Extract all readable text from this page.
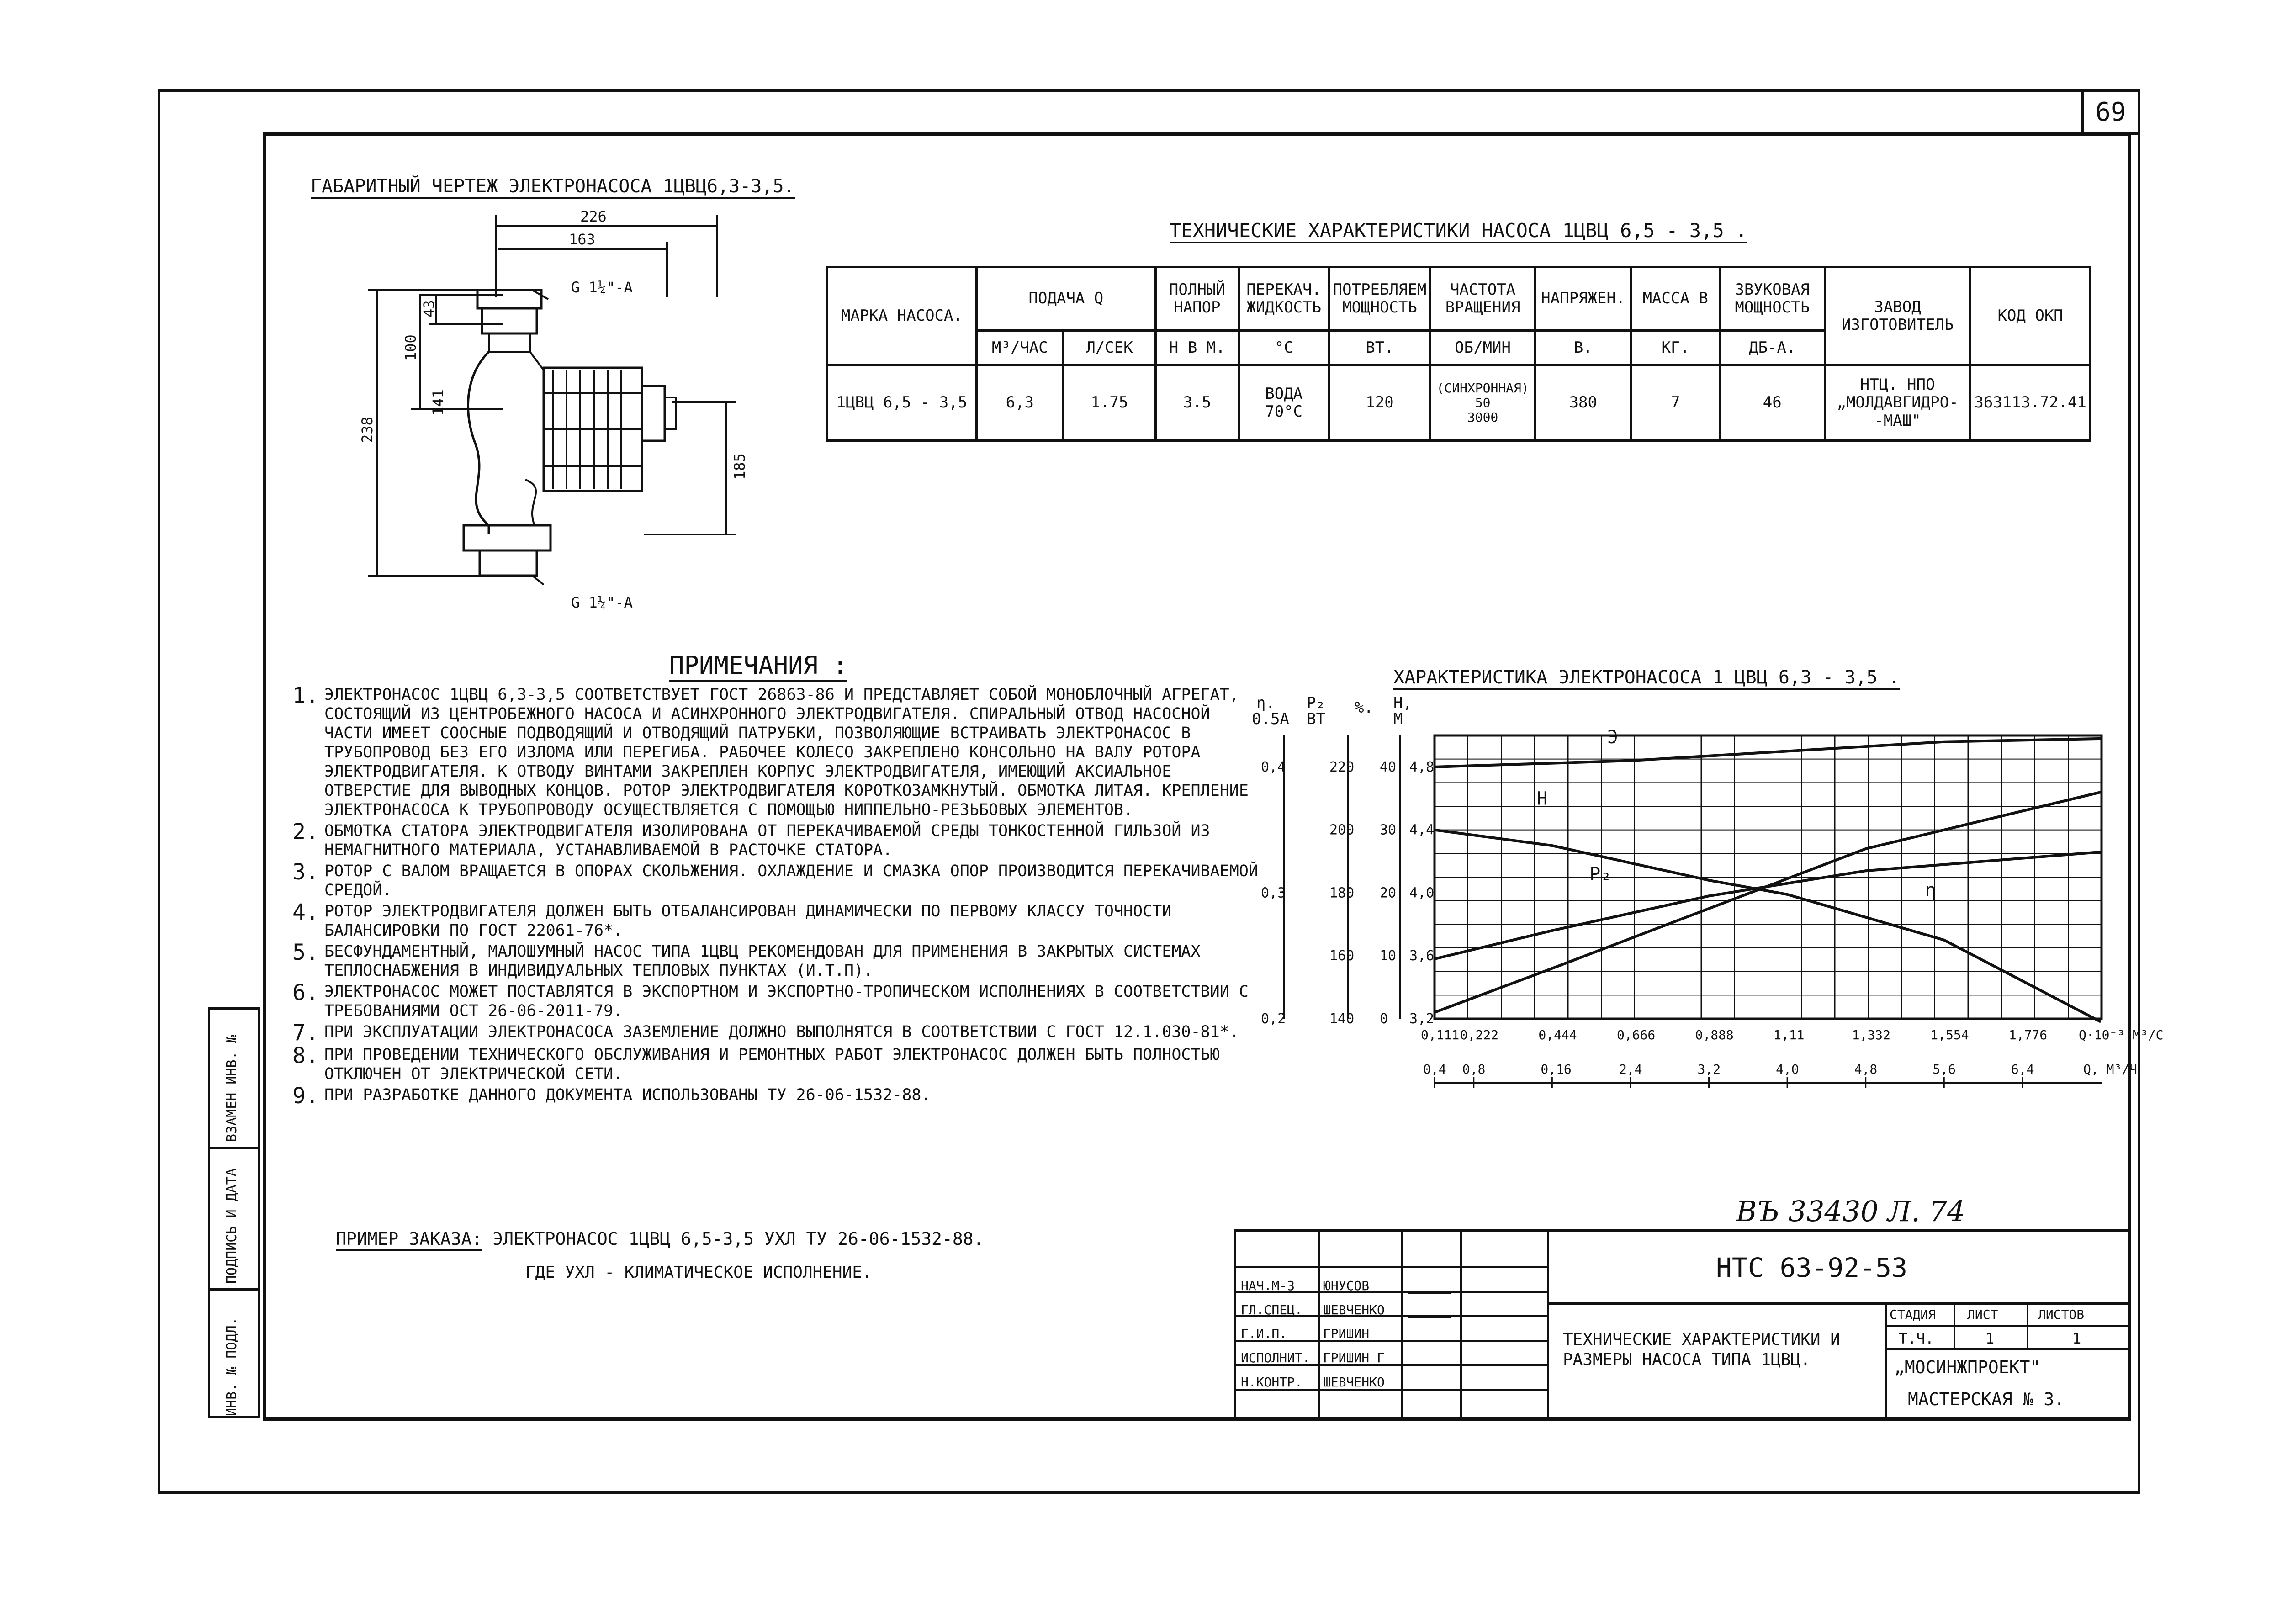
69
ВЗАМЕН ИНВ. №
ПОДПИСЬ И ДАТА
ИНВ. № ПОДЛ.
ГАБАРИТНЫЙ ЧЕРТЕЖ ЭЛЕКТРОНАСОСА 1ЦВЦ6,3-3,5.
226
163
238
100
43
141
185
G 1¼"-A
G 1¼"-A
ТЕХНИЧЕСКИЕ ХАРАКТЕРИСТИКИ НАСОСА 1ЦВЦ 6,5 - 3,5 .
МАРКА НАСОСА.	ПОДАЧА Q		ПОЛНЫЙ НАПОР	ПЕРЕКАЧ. ЖИДКОСТЬ	ПОТРЕБЛЯЕМ МОЩНОСТЬ	ЧАСТОТА ВРАЩЕНИЯ	НАПРЯЖЕН.	МАССА В	ЗВУКОВАЯ МОЩНОСТЬ	ЗАВОД ИЗГОТОВИТЕЛЬ	КОД ОКП
	М³/ЧАС	Л/СЕК	Н В М.	°С	ВТ.	ОБ/МИН	В.	КГ.	ДБ-А.		
1ЦВЦ 6,5 - 3,5	6,3	1.75	3.5	ВОДА 70°С	120	(СИНХРОННАЯ)
50
3000	380	7	46	НТЦ. НПО „МОЛДАВГИДРО- -МАШ"	363113.72.41
ПРИМЕЧАНИЯ :
1. ЭЛЕКТРОНАСОС 1ЦВЦ 6,3-3,5 СООТВЕТСТВУЕТ ГОСТ 26863-86 И ПРЕДСТАВЛЯЕТ СОБОЙ МОНОБЛОЧНЫЙ АГРЕГАТ, СОСТОЯЩИЙ ИЗ ЦЕНТРОБЕЖНОГО НАСОСА И АСИНХРОННОГО ЭЛЕКТРОДВИГАТЕЛЯ. СПИРАЛЬНЫЙ ОТВОД НАСОСНОЙ ЧАСТИ ИМЕЕТ СООСНЫЕ ПОДВОДЯЩИЙ И ОТВОДЯЩИЙ ПАТРУБКИ, ПОЗВОЛЯЮЩИЕ ВСТРАИВАТЬ ЭЛЕКТРОНАСОС В ТРУБОПРОВОД БЕЗ ЕГО ИЗЛОМА ИЛИ ПЕРЕГИБА. РАБОЧЕЕ КОЛЕСО ЗАКРЕПЛЕНО КОНСОЛЬНО НА ВАЛУ РОТОРА ЭЛЕКТРОДВИГАТЕЛЯ. К ОТВОДУ ВИНТАМИ ЗАКРЕПЛЕН КОРПУС ЭЛЕКТРОДВИГАТЕЛЯ, ИМЕЮЩИЙ АКСИАЛЬНОЕ ОТВЕРСТИЕ ДЛЯ ВЫВОДНЫХ КОНЦОВ. РОТОР ЭЛЕКТРОДВИГАТЕЛЯ КОРОТКОЗАМКНУТЫЙ. ОБМОТКА ЛИТАЯ. КРЕПЛЕНИЕ ЭЛЕКТРОНАСОСА К ТРУБОПРОВОДУ ОСУЩЕСТВЛЯЕТСЯ С ПОМОЩЬЮ НИППЕЛЬНО-РЕЗЬБОВЫХ ЭЛЕМЕНТОВ.
2. ОБМОТКА СТАТОРА ЭЛЕКТРОДВИГАТЕЛЯ ИЗОЛИРОВАНА ОТ ПЕРЕКАЧИВАЕМОЙ СРЕДЫ ТОНКОСТЕННОЙ ГИЛЬЗОЙ ИЗ НЕМАГНИТНОГО МАТЕРИАЛА, УСТАНАВЛИВАЕМОЙ В РАСТОЧКЕ СТАТОРА.
3. РОТОР С ВАЛОМ ВРАЩАЕТСЯ В ОПОРАХ СКОЛЬЖЕНИЯ. ОХЛАЖДЕНИЕ И СМАЗКА ОПОР ПРОИЗВОДИТСЯ ПЕРЕКАЧИВАЕМОЙ СРЕДОЙ.
4. РОТОР ЭЛЕКТРОДВИГАТЕЛЯ ДОЛЖЕН БЫТЬ ОТБАЛАНСИРОВАН ДИНАМИЧЕСКИ ПО ПЕРВОМУ КЛАССУ ТОЧНОСТИ БАЛАНСИРОВКИ ПО ГОСТ 22061-76*.
5. БЕСФУНДАМЕНТНЫЙ, МАЛОШУМНЫЙ НАСОС ТИПА 1ЦВЦ РЕКОМЕНДОВАН ДЛЯ ПРИМЕНЕНИЯ В ЗАКРЫТЫХ СИСТЕМАХ ТЕПЛОСНАБЖЕНИЯ В ИНДИВИДУАЛЬНЫХ ТЕПЛОВЫХ ПУНКТАХ (И.Т.П).
6. ЭЛЕКТРОНАСОС МОЖЕТ ПОСТАВЛЯТСЯ В ЭКСПОРТНОМ И ЭКСПОРТНО-ТРОПИЧЕСКОМ ИСПОЛНЕНИЯХ В СООТВЕТСТВИИ С ТРЕБОВАНИЯМИ ОСТ 26-06-2011-79.
7. ПРИ ЭКСПЛУАТАЦИИ ЭЛЕКТРОНАСОСА ЗАЗЕМЛЕНИЕ ДОЛЖНО ВЫПОЛНЯТСЯ В СООТВЕТСТВИИ С ГОСТ 12.1.030-81*.
8. ПРИ ПРОВЕДЕНИИ ТЕХНИЧЕСКОГО ОБСЛУЖИВАНИЯ И РЕМОНТНЫХ РАБОТ ЭЛЕКТРОНАСОС ДОЛЖЕН БЫТЬ ПОЛНОСТЬЮ ОТКЛЮЧЕН ОТ ЭЛЕКТРИЧЕСКОЙ СЕТИ.
9. ПРИ РАЗРАБОТКЕ ДАННОГО ДОКУМЕНТА ИСПОЛЬЗОВАНЫ ТУ 26-06-1532-88.
ПРИМЕР ЗАКАЗА: ЭЛЕКТРОНАСОС 1ЦВЦ 6,5-3,5 УХЛ ТУ 26-06-1532-88.
ГДЕ УХЛ - КЛИМАТИЧЕСКОЕ ИСПОЛНЕНИЕ.
ХАРАКТЕРИСТИКА ЭЛЕКТРОНАСОСА 1 ЦВЦ 6,3 - 3,5 .
4,8
4,4
4,0
3,6
3,2
220
200
180
160
140
40
30
20
10
0
0,4
0,3
0,2
η.
0.5А
P₂
ВТ
%. Н,
М
0,111 0,222	0,444	0,666	0,888	1,11	1,332	1,554	1,776 Q·10⁻³ М³/С
0,4 0,8	0,16	2,4	3,2	4,0	4,8	5,6	6,4	Q, М³/Ч
Н
Р₂
η
Э
ВЪ 33430 Л. 74
НАЧ.М-З ЮНУСОВ
ГЛ.СПЕЦ. ШЕВЧЕНКО
Г.И.П.	ГРИШИН
ИСПОЛНИТ. ГРИШИН Г
Н.КОНТР. ШЕВЧЕНКО
НТС 63-92-53
ТЕХНИЧЕСКИЕ ХАРАКТЕРИСТИКИ И РАЗМЕРЫ НАСОСА ТИПА 1ЦВЦ.
СТАДИЯ ЛИСТ	ЛИСТОВ
Т.Ч.	1	1
„МОСИНЖПРОЕКТ"
МАСТЕРСКАЯ № 3.
